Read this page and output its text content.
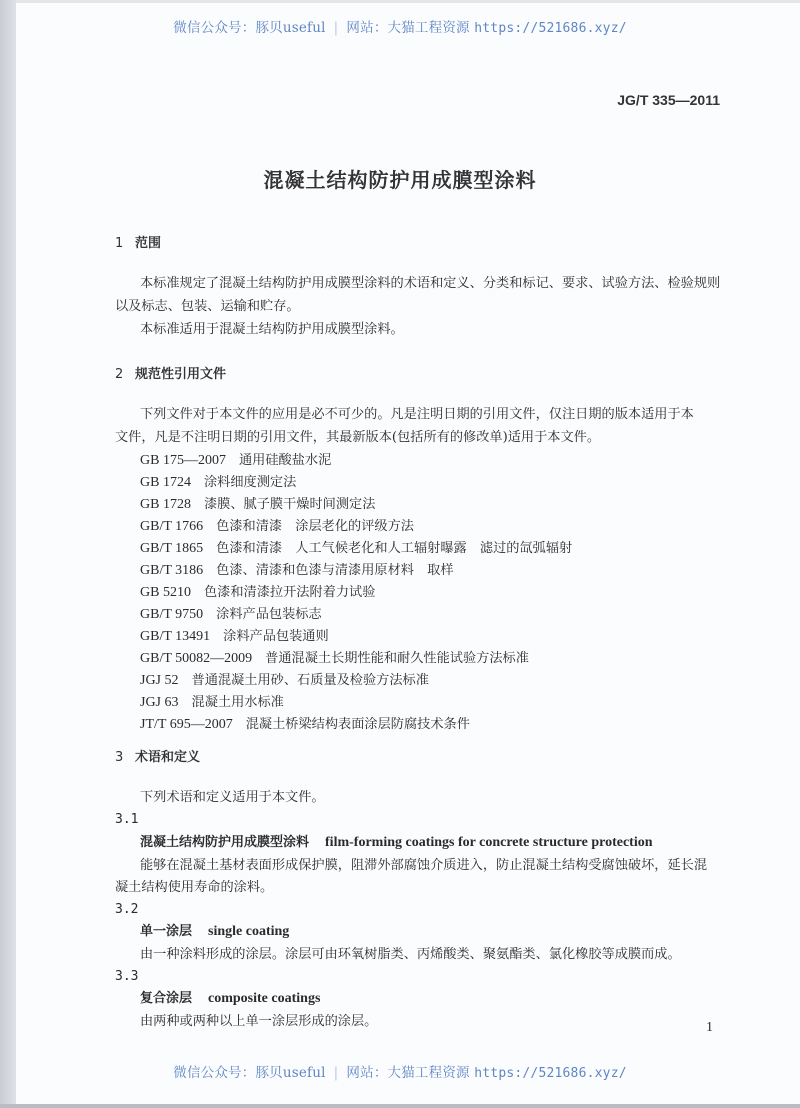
微信公众号：豚贝useful | 网站：大猫工程资源 https://521686.xyz/
JG/T 335—2011
混凝土结构防护用成膜型涂料
1 范围
本标准规定了混凝土结构防护用成膜型涂料的术语和定义、分类和标记、要求、试验方法、检验规则
以及标志、包装、运输和贮存。
本标准适用于混凝土结构防护用成膜型涂料。
2 规范性引用文件
下列文件对于本文件的应用是必不可少的。凡是注明日期的引用文件，仅注日期的版本适用于本
文件，凡是不注明日期的引用文件，其最新版本(包括所有的修改单)适用于本文件。
GB 175—2007 通用硅酸盐水泥
GB 1724 涂料细度测定法
GB 1728 漆膜、腻子膜干燥时间测定法
GB/T 1766 色漆和清漆　涂层老化的评级方法
GB/T 1865 色漆和清漆　人工气候老化和人工辐射曝露　滤过的氙弧辐射
GB/T 3186 色漆、清漆和色漆与清漆用原材料　取样
GB 5210 色漆和清漆拉开法附着力试验
GB/T 9750 涂料产品包装标志
GB/T 13491 涂料产品包装通则
GB/T 50082—2009 普通混凝土长期性能和耐久性能试验方法标准
JGJ 52 普通混凝土用砂、石质量及检验方法标准
JGJ 63 混凝土用水标准
JT/T 695—2007 混凝土桥梁结构表面涂层防腐技术条件
3 术语和定义
下列术语和定义适用于本文件。
3.1
混凝土结构防护用成膜型涂料 film-forming coatings for concrete structure protection
能够在混凝土基材表面形成保护膜，阻滞外部腐蚀介质进入，防止混凝土结构受腐蚀破坏，延长混
凝土结构使用寿命的涂料。
3.2
单一涂层 single coating
由一种涂料形成的涂层。涂层可由环氧树脂类、丙烯酸类、聚氨酯类、氯化橡胶等成膜而成。
3.3
复合涂层 composite coatings
由两种或两种以上单一涂层形成的涂层。	1
微信公众号：豚贝useful | 网站：大猫工程资源 https://521686.xyz/
